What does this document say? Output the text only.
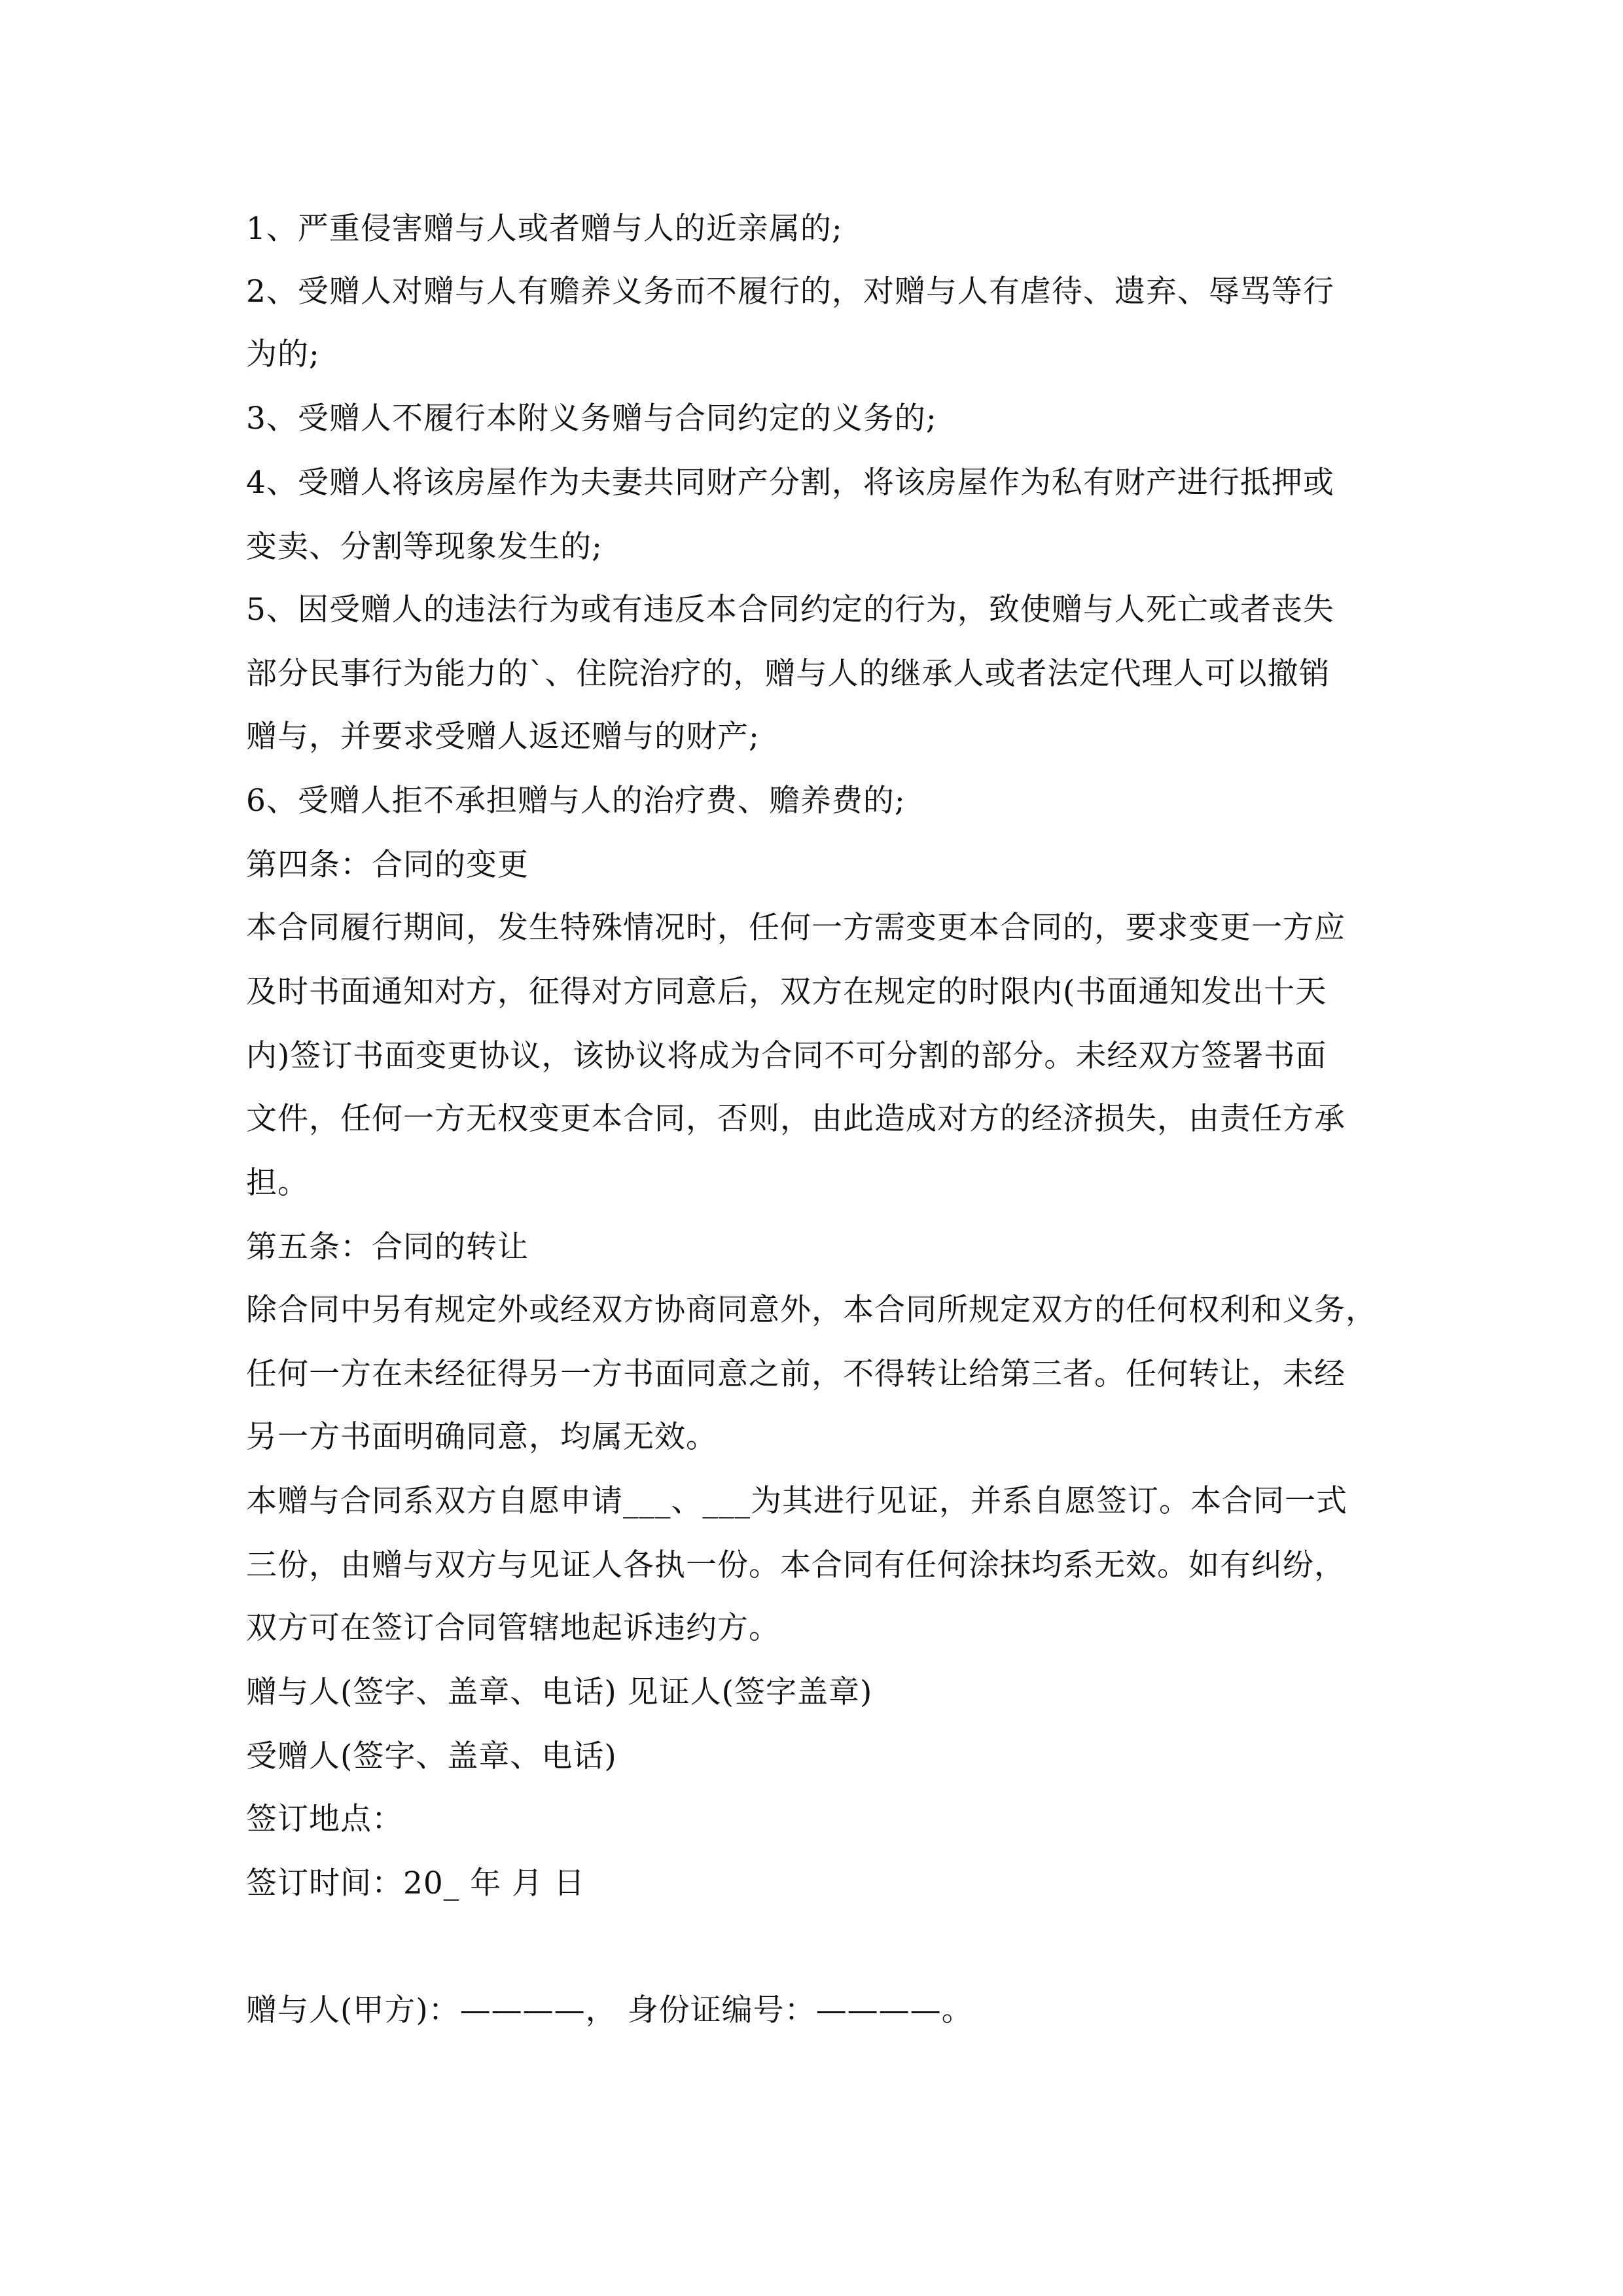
1、严重侵害赠与人或者赠与人的近亲属的;

2、受赠人对赠与人有赡养义务而不履行的，对赠与人有虐待、遗弃、辱骂等行

为的;

3、受赠人不履行本附义务赠与合同约定的义务的;

4、受赠人将该房屋作为夫妻共同财产分割，将该房屋作为私有财产进行抵押或

变卖、分割等现象发生的;

5、因受赠人的违法行为或有违反本合同约定的行为，致使赠与人死亡或者丧失

部分民事行为能力的`、住院治疗的，赠与人的继承人或者法定代理人可以撤销

赠与，并要求受赠人返还赠与的财产;

6、受赠人拒不承担赠与人的治疗费、赡养费的;

第四条：合同的变更

本合同履行期间，发生特殊情况时，任何一方需变更本合同的，要求变更一方应

及时书面通知对方，征得对方同意后，双方在规定的时限内(书面通知发出十天

内)签订书面变更协议，该协议将成为合同不可分割的部分。未经双方签署书面

文件，任何一方无权变更本合同，否则，由此造成对方的经济损失，由责任方承

担。

第五条：合同的转让

除合同中另有规定外或经双方协商同意外，本合同所规定双方的任何权利和义务，

任何一方在未经征得另一方书面同意之前，不得转让给第三者。任何转让，未经

另一方书面明确同意，均属无效。

本赠与合同系双方自愿申请___、___为其进行见证，并系自愿签订。本合同一式

三份，由赠与双方与见证人各执一份。本合同有任何涂抹均系无效。如有纠纷，

双方可在签订合同管辖地起诉违约方。

赠与人(签字、盖章、电话) 见证人(签字盖章)

受赠人(签字、盖章、电话)

签订地点：

签订时间：20_ 年 月 日

赠与人(甲方)：————， 身份证编号：————。
